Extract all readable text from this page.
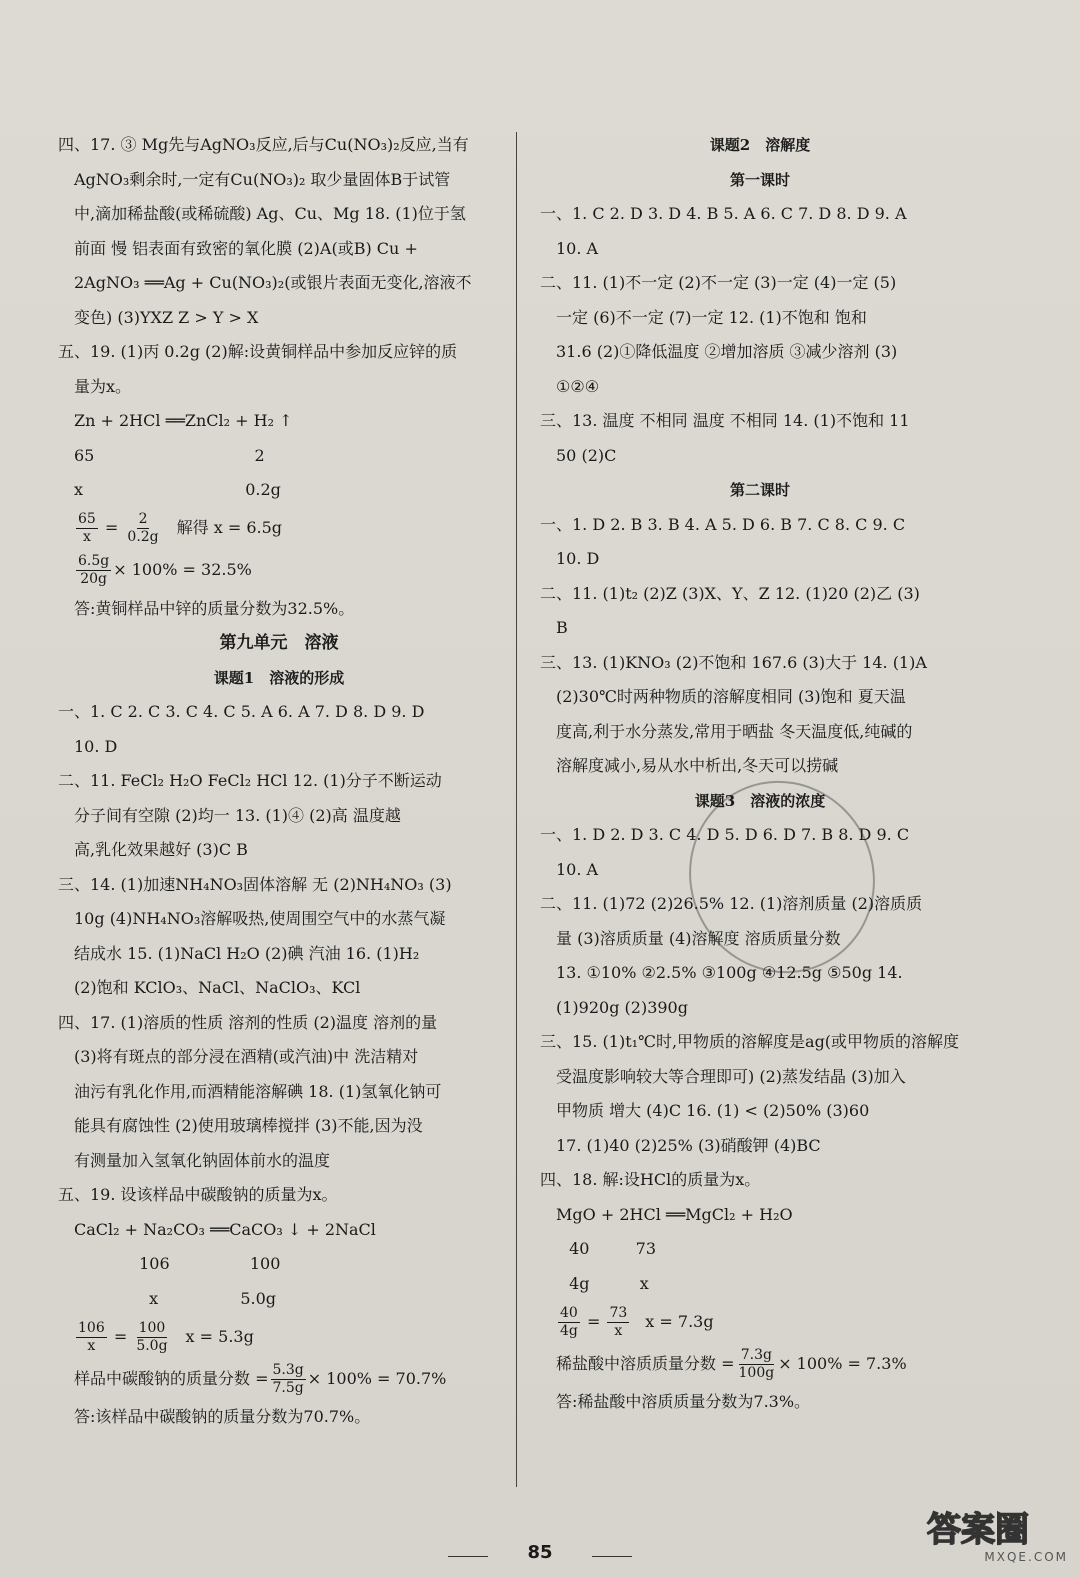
四、17. ③ Mg先与AgNO₃反应,后与Cu(NO₃)₂反应,当有
AgNO₃剩余时,一定有Cu(NO₃)₂ 取少量固体B于试管
中,滴加稀盐酸(或稀硫酸) Ag、Cu、Mg 18. (1)位于氢
前面 慢 铝表面有致密的氧化膜 (2)A(或B) Cu +
2AgNO₃ ══Ag + Cu(NO₃)₂(或银片表面无变化,溶液不
变色) (3)YXZ Z > Y > X
五、19. (1)丙 0.2g (2)解:设黄铜样品中参加反应锌的质
量为x。
Zn + 2HCl ══ZnCl₂ + H₂ ↑
65	2
x	0.2g
$\frac{65}{x} = \frac{2}{0.2g}$ 解得 x = 6.5g
$\frac{6.5g}{20g} \times 100\% = 32.5\%$
答:黄铜样品中锌的质量分数为32.5%。
第九单元　溶液
课题1　溶液的形成
一、1. C 2. C 3. C 4. C 5. A 6. A 7. D 8. D 9. D
10. D
二、11. FeCl₂ H₂O FeCl₂ HCl 12. (1)分子不断运动
分子间有空隙 (2)均一 13. (1)④ (2)高 温度越
高,乳化效果越好 (3)C B
三、14. (1)加速NH₄NO₃固体溶解 无 (2)NH₄NO₃ (3)
10g (4)NH₄NO₃溶解吸热,使周围空气中的水蒸气凝
结成水 15. (1)NaCl H₂O (2)碘 汽油 16. (1)H₂
(2)饱和 KClO₃、NaCl、NaClO₃、KCl
四、17. (1)溶质的性质 溶剂的性质 (2)温度 溶剂的量
(3)将有斑点的部分浸在酒精(或汽油)中 洗洁精对
油污有乳化作用,而酒精能溶解碘 18. (1)氢氧化钠可
能具有腐蚀性 (2)使用玻璃棒搅拌 (3)不能,因为没
有测量加入氢氧化钠固体前水的温度
五、19. 设该样品中碳酸钠的质量为x。
CaCl₂ + Na₂CO₃ ══CaCO₃ ↓ + 2NaCl
106	100
x	5.0g
$\frac{106}{x} = \frac{100}{5.0g}$ x = 5.3g
样品中碳酸钠的质量分数 = $\frac{5.3g}{7.5g} \times 100\% = 70.7\%$
答:该样品中碳酸钠的质量分数为70.7%。
课题2　溶解度
第一课时
一、1. C 2. D 3. D 4. B 5. A 6. C 7. D 8. D 9. A
10. A
二、11. (1)不一定 (2)不一定 (3)一定 (4)一定 (5)
一定 (6)不一定 (7)一定 12. (1)不饱和 饱和
31.6 (2)①降低温度 ②增加溶质 ③减少溶剂 (3)
①②④
三、13. 温度 不相同 温度 不相同 14. (1)不饱和 11
50 (2)C
第二课时
一、1. D 2. B 3. B 4. A 5. D 6. B 7. C 8. C 9. C
10. D
二、11. (1)t₂ (2)Z (3)X、Y、Z 12. (1)20 (2)乙 (3)
B
三、13. (1)KNO₃ (2)不饱和 167.6 (3)大于 14. (1)A
(2)30℃时两种物质的溶解度相同 (3)饱和 夏天温
度高,利于水分蒸发,常用于晒盐 冬天温度低,纯碱的
溶解度减小,易从水中析出,冬天可以捞碱
课题3　溶液的浓度
一、1. D 2. D 3. C 4. D 5. D 6. D 7. B 8. D 9. C
10. A
二、11. (1)72 (2)26.5% 12. (1)溶剂质量 (2)溶质质
量 (3)溶质质量 (4)溶解度 溶质质量分数
13. ①10% ②2.5% ③100g ④12.5g ⑤50g 14.
(1)920g (2)390g
三、15. (1)t₁℃时,甲物质的溶解度是ag(或甲物质的溶解度
受温度影响较大等合理即可) (2)蒸发结晶 (3)加入
甲物质 增大 (4)C 16. (1) < (2)50% (3)60
17. (1)40 (2)25% (3)硝酸钾 (4)BC
四、18. 解:设HCl的质量为x。
MgO + 2HCl ══MgCl₂ + H₂O
40	73
4g	x
$\frac{40}{4g} = \frac{73}{x}$ x = 7.3g
稀盐酸中溶质质量分数 = $\frac{7.3g}{100g} \times 100\% = 7.3\%$
答:稀盐酸中溶质质量分数为7.3%。
85
答案圈
MXQE.COM
